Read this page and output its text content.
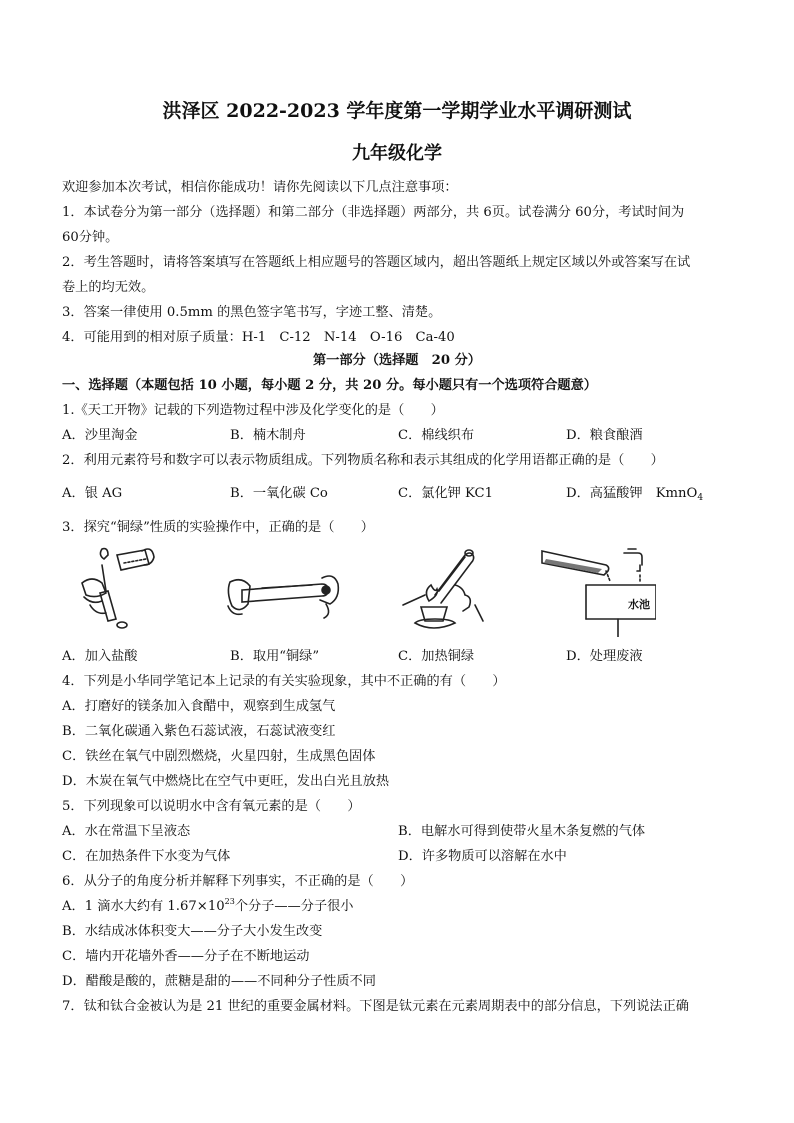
洪泽区 2022-2023 学年度第一学期学业水平调研测试
九年级化学
欢迎参加本次考试，相信你能成功！请你先阅读以下几点注意事项：
1．本试卷分为第一部分（选择题）和第二部分（非选择题）两部分，共 6页。试卷满分 60分，考试时间为
60分钟。
2．考生答题时，请将答案填写在答题纸上相应题号的答题区域内，超出答题纸上规定区域以外或答案写在试
卷上的均无效。
3．答案一律使用 0.5mm 的黑色签字笔书写，字迹工整、清楚。
4．可能用到的相对原子质量：H-1　C-12　N-14　O-16　Ca-40
第一部分（选择题　20 分）
一、选择题（本题包括 10 小题，每小题 2 分，共 20 分。每小题只有一个选项符合题意）
1.《天工开物》记载的下列造物过程中涉及化学变化的是（　　）
A．沙里淘金	B．楠木制舟	C．棉线织布	D．粮食酿酒
2．利用元素符号和数字可以表示物质组成。下列物质名称和表示其组成的化学用语都正确的是（　　）
A．银 AG	B．一氧化碳 Co	C．氯化钾 KC1	D．高猛酸钾　KmnO$_4$
3．探究“铜绿”性质的实验操作中，正确的是（　　）
水池
A．加入盐酸	B．取用“铜绿”	C．加热铜绿	D．处理废液
4．下列是小华同学笔记本上记录的有关实验现象，其中不正确的有（　　）
A．打磨好的镁条加入食醋中，观察到生成氢气
B．二氧化碳通入紫色石蕊试液，石蕊试液变红
C．铁丝在氧气中剧烈燃烧，火星四射，生成黑色固体
D．木炭在氧气中燃烧比在空气中更旺，发出白光且放热
5．下列现象可以说明水中含有氧元素的是（　　）
A．水在常温下呈液态	B．电解水可得到使带火星木条复燃的气体
C．在加热条件下水变为气体	D．许多物质可以溶解在水中
6．从分子的角度分析并解释下列事实，不正确的是（　　）
A．1 滴水大约有 $1.67\times 10^{23}$个分子——分子很小
B．水结成冰体积变大——分子大小发生改变
C．墙内开花墙外香——分子在不断地运动
D．醋酸是酸的，蔗糖是甜的——不同种分子性质不同
7．钛和钛合金被认为是 21 世纪的重要金属材料。下图是钛元素在元素周期表中的部分信息，下列说法正确
